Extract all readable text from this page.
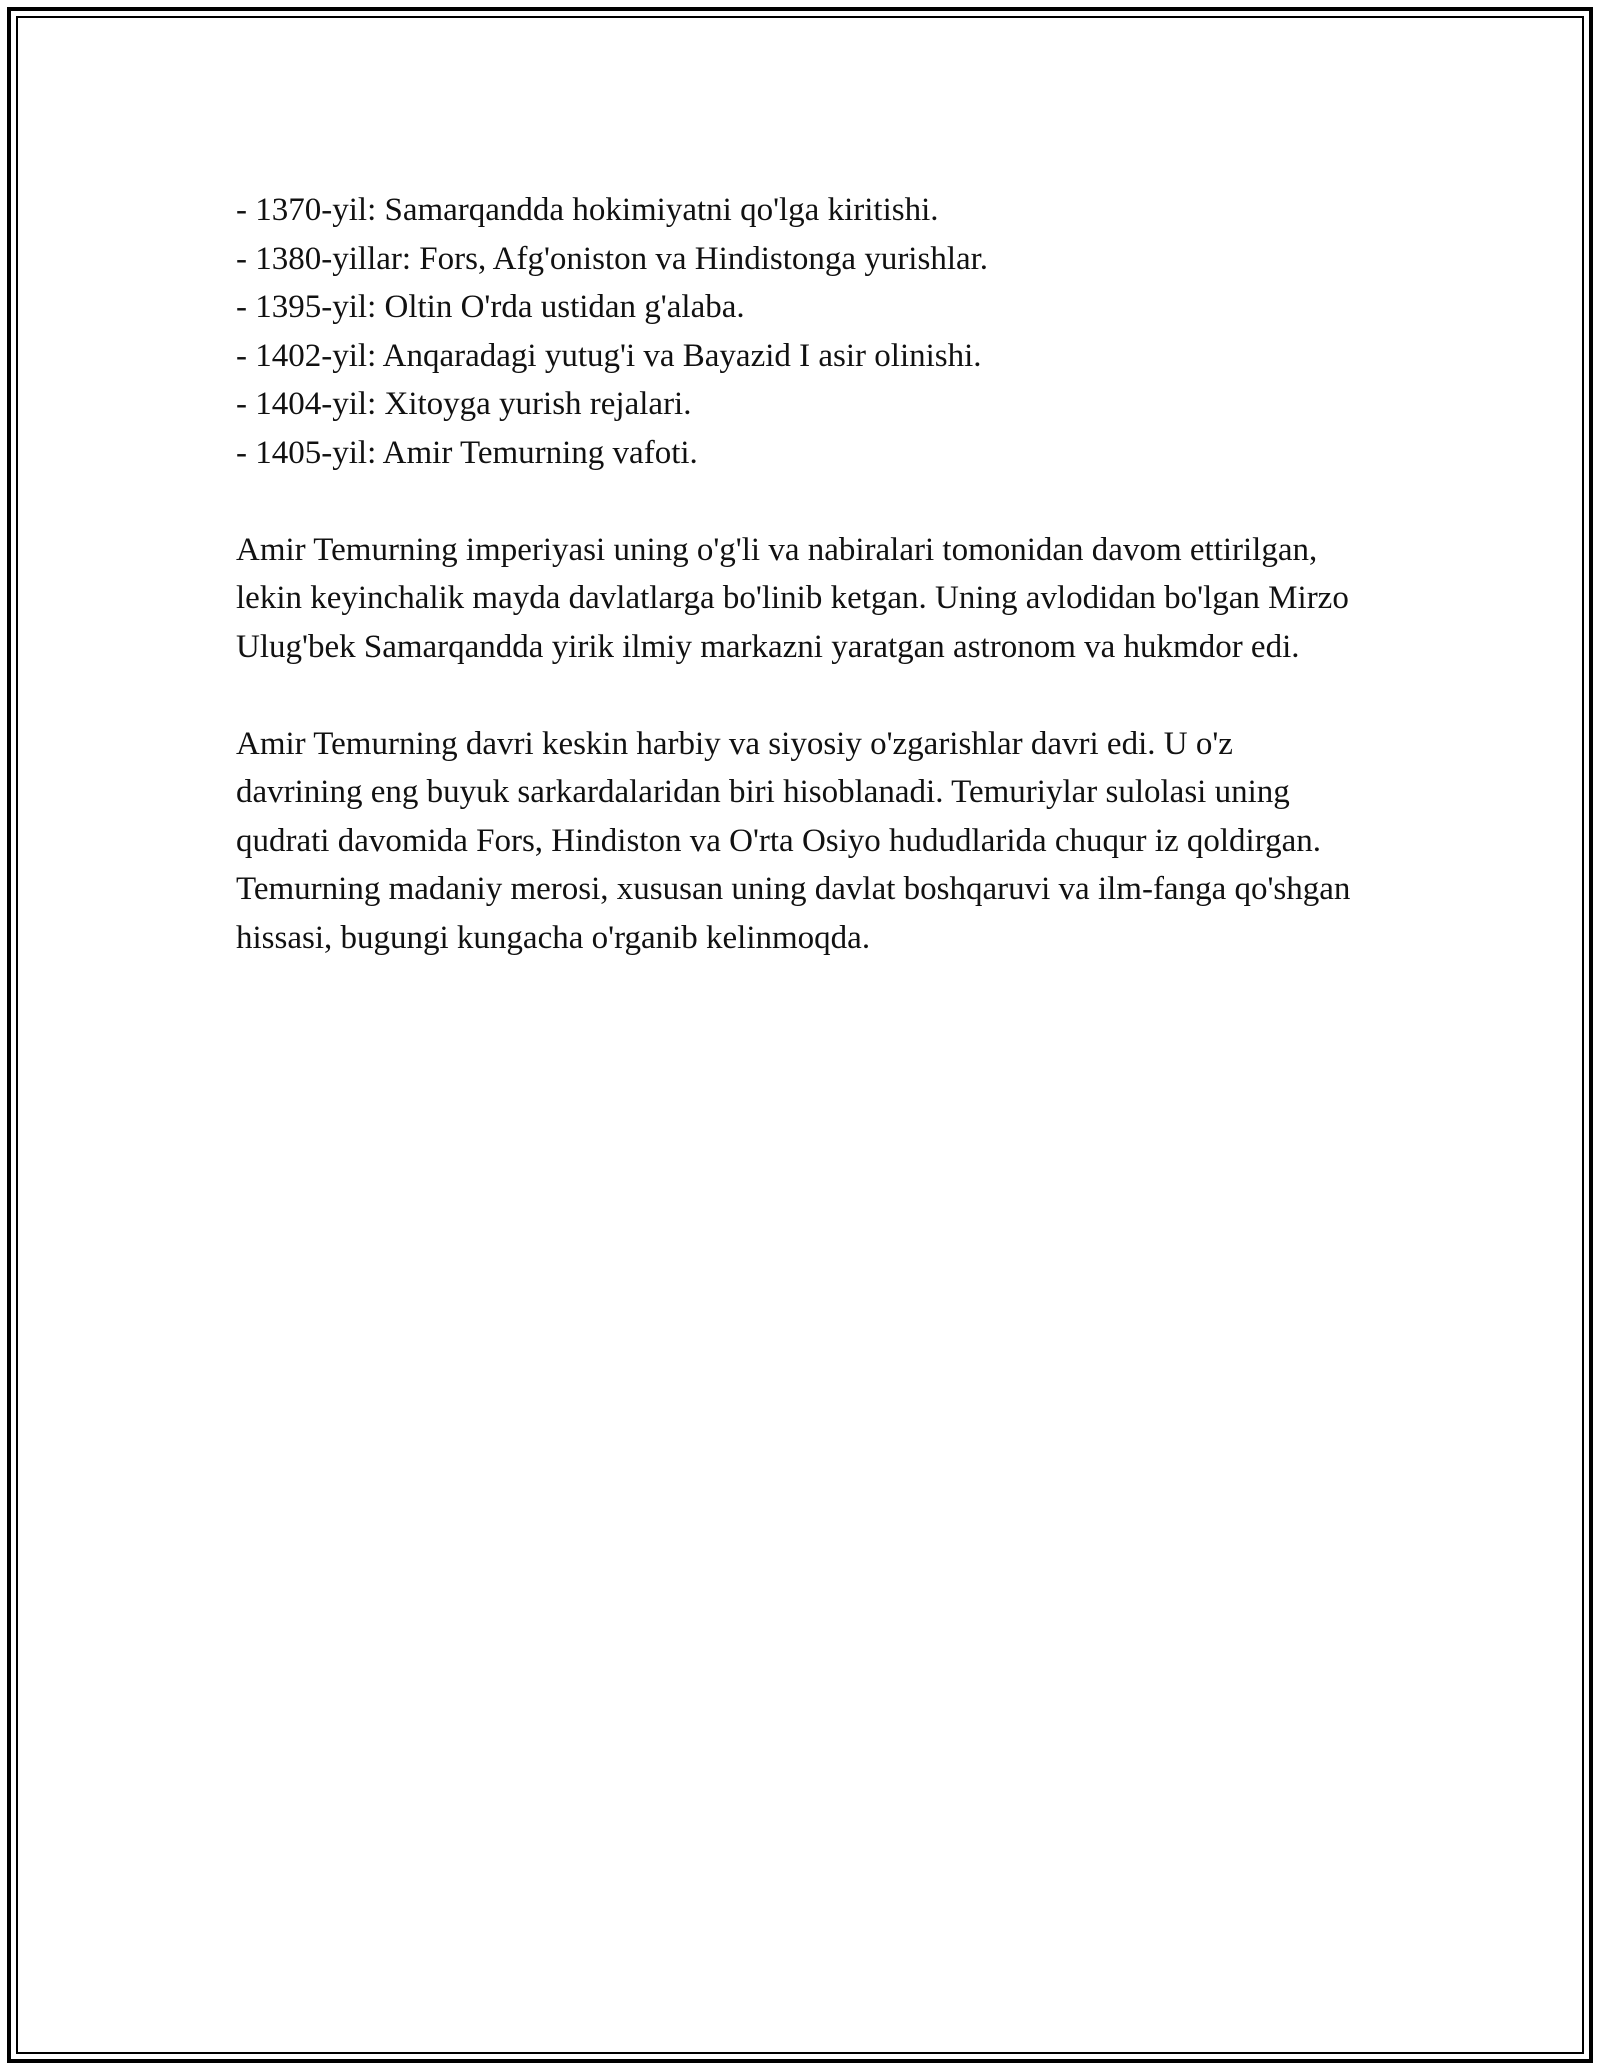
- 1370-yil: Samarqandda hokimiyatni qo'lga kiritishi.
- 1380-yillar: Fors, Afg'oniston va Hindistonga yurishlar.
- 1395-yil: Oltin O'rda ustidan g'alaba.
- 1402-yil: Anqaradagi yutug'i va Bayazid I asir olinishi.
- 1404-yil: Xitoyga yurish rejalari.
- 1405-yil: Amir Temurning vafoti.

Amir Temurning imperiyasi uning o'g'li va nabiralari tomonidan davom ettirilgan, lekin keyinchalik mayda davlatlarga bo'linib ketgan. Uning avlodidan bo'lgan Mirzo Ulug'bek Samarqandda yirik ilmiy markazni yaratgan astronom va hukmdor edi.

Amir Temurning davri keskin harbiy va siyosiy o'zgarishlar davri edi. U o'z davrining eng buyuk sarkardalaridan biri hisoblanadi. Temuriylar sulolasi uning qudrati davomida Fors, Hindiston va O'rta Osiyo hududlarida chuqur iz qoldirgan. Temurning madaniy merosi, xususan uning davlat boshqaruvi va ilm-fanga qo'shgan hissasi, bugungi kungacha o'rganib kelinmoqda.
